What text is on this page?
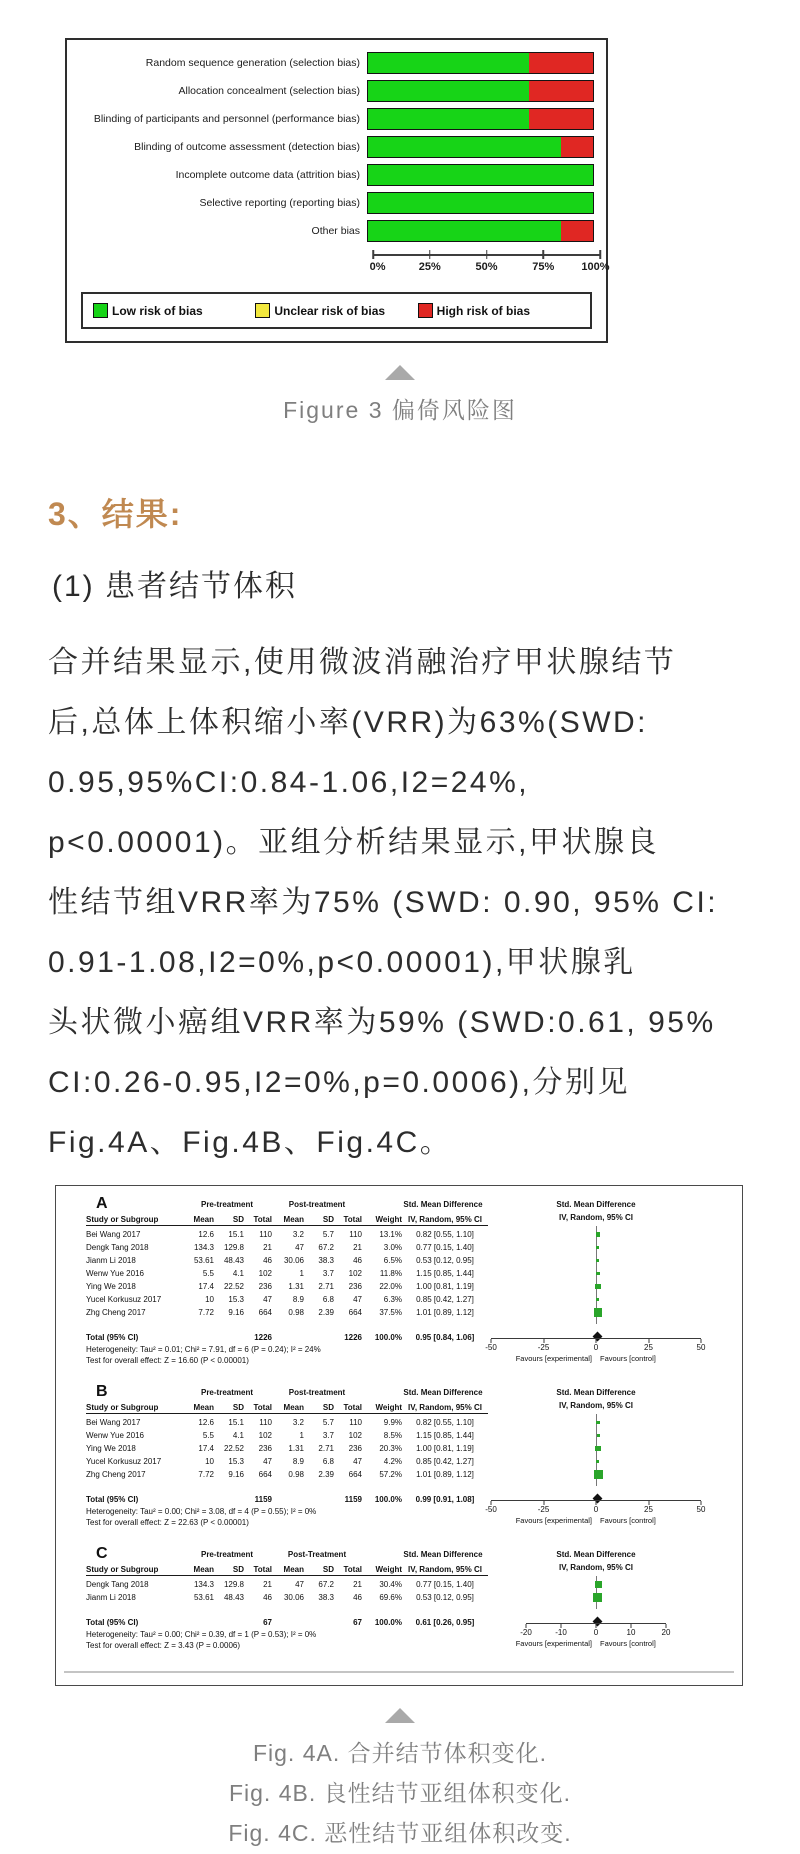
Random sequence generation (selection bias)
Allocation concealment (selection bias)
Blinding of participants and personnel (performance bias)
Blinding of outcome assessment (detection bias)
Incomplete outcome data (attrition bias)
Selective reporting (reporting bias)
Other bias
0%	25%	50%	75% 100%
Low risk of bias	Unclear risk of bias	High risk of bias
Figure 3 偏倚风险图
3、结果:
(1) 患者结节体积
合并结果显示,使用微波消融治疗甲状腺结节
后,总体上体积缩小率(VRR)为63%(SWD:
0.95,95%CI:0.84-1.06,I2=24%,
p<0.00001)。亚组分析结果显示,甲状腺良
性结节组VRR率为75% (SWD: 0.90, 95% CI:
0.91-1.08,I2=0%,p<0.00001),甲状腺乳
头状微小癌组VRR率为59% (SWD:0.61, 95%
CI:0.26-0.95,I2=0%,p=0.0006),分别见
Fig.4A、Fig.4B、Fig.4C。
A	Pre-treatment	Post-treatment	Std. Mean Difference
Study or Subgroup	Mean	SD	Total	Mean	SD	Total	Weight IV, Random, 95% CI
Bei Wang 2017	12.6	15.1	110	3.2	5.7	110	13.1%	0.82 [0.55, 1.10]
Dengk Tang 2018	134.3	129.8	21	47	67.2	21	3.0%	0.77 [0.15, 1.40]
Jianm Li 2018	53.61	48.43	46	30.06	38.3	46	6.5%	0.53 [0.12, 0.95]
Wenw Yue 2016	5.5	4.1	102	1	3.7	102	11.8%	1.15 [0.85, 1.44]
Ying We 2018	17.4	22.52	236	1.31	2.71	236	22.0%	1.00 [0.81, 1.19]
Yucel Korkusuz 2017	10	15.3	47	8.9	6.8	47	6.3%	0.85 [0.42, 1.27]
Zhg Cheng 2017	7.72	9.16	664	0.98	2.39	664	37.5%	1.01 [0.89, 1.12]
Total (95% CI)	1226	1226	100.0%	0.95 [0.84, 1.06]
Heterogeneity: Tau² = 0.01; Chi² = 7.91, df = 6 (P = 0.24); I² = 24%
Test for overall effect: Z = 16.60 (P < 0.00001)
Std. Mean Difference
IV, Random, 95% CI
-50	-25	0	25	50
Favours [experimental] Favours [control]
B	Pre-treatment	Post-treatment	Std. Mean Difference
Study or Subgroup	Mean	SD	Total	Mean	SD	Total	Weight IV, Random, 95% CI
Bei Wang 2017	12.6	15.1	110	3.2	5.7	110	9.9%	0.82 [0.55, 1.10]
Wenw Yue 2016	5.5	4.1	102	1	3.7	102	8.5%	1.15 [0.85, 1.44]
Ying We 2018	17.4	22.52	236	1.31	2.71	236	20.3%	1.00 [0.81, 1.19]
Yucel Korkusuz 2017	10	15.3	47	8.9	6.8	47	4.2%	0.85 [0.42, 1.27]
Zhg Cheng 2017	7.72	9.16	664	0.98	2.39	664	57.2%	1.01 [0.89, 1.12]
Total (95% CI)	1159	1159	100.0%	0.99 [0.91, 1.08]
Heterogeneity: Tau² = 0.00; Chi² = 3.08, df = 4 (P = 0.55); I² = 0%
Test for overall effect: Z = 22.63 (P < 0.00001)
Std. Mean Difference
IV, Random, 95% CI
-50	-25	0	25	50
Favours [experimental] Favours [control]
C	Pre-treatment	Post-Treatment	Std. Mean Difference
Study or Subgroup	Mean	SD	Total	Mean	SD	Total	Weight IV, Random, 95% CI
Dengk Tang 2018	134.3	129.8	21	47	67.2	21	30.4%	0.77 [0.15, 1.40]
Jianm Li 2018	53.61	48.43	46	30.06	38.3	46	69.6%	0.53 [0.12, 0.95]
Total (95% CI)	67	67	100.0%	0.61 [0.26, 0.95]
Heterogeneity: Tau² = 0.00; Chi² = 0.39, df = 1 (P = 0.53); I² = 0%
Test for overall effect: Z = 3.43 (P = 0.0006)
Std. Mean Difference
IV, Random, 95% CI
-20	-10	0	10	20
Favours [experimental] Favours [control]
Fig. 4A. 合并结节体积变化.
Fig. 4B. 良性结节亚组体积变化.
Fig. 4C. 恶性结节亚组体积改变.
